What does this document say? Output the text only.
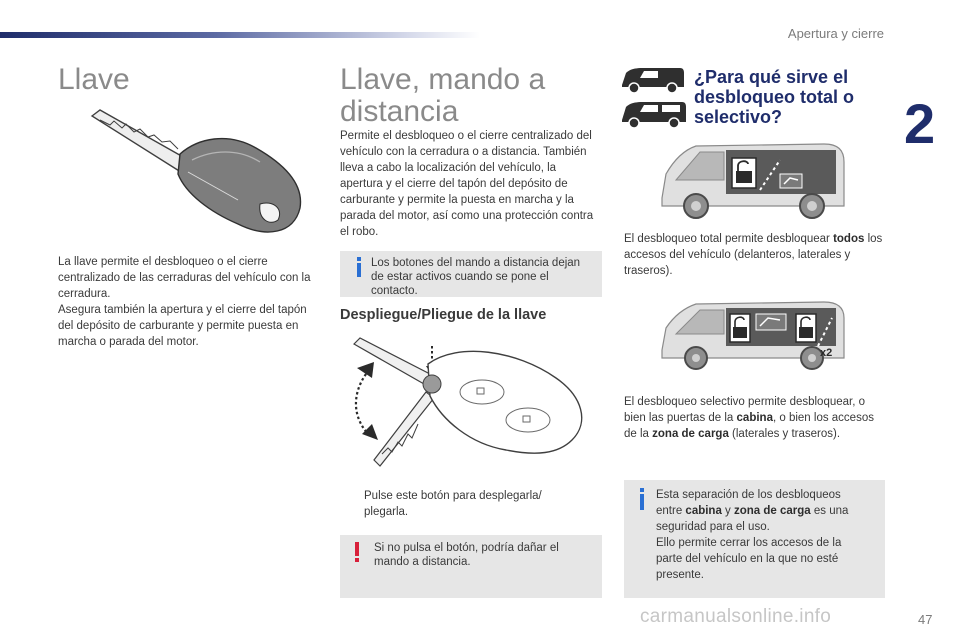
Apertura y cierre
2
Llave
La llave permite el desbloqueo o el cierre centralizado de las cerraduras del vehículo con la cerradura.
Asegura también la apertura y el cierre del tapón del depósito de carburante y permite puesta en marcha o parada del motor.
Llave, mando a
distancia
Permite el desbloqueo o el cierre centralizado del vehículo con la cerradura o a distancia. También lleva a cabo la localización del vehículo, la apertura y el cierre del tapón del depósito de carburante y permite la puesta en marcha y la parada del motor, así como una protección contra el robo.
Los botones del mando a distancia dejan de estar activos cuando se pone el contacto.
Despliegue/Pliegue de la llave
Pulse este botón para desplegarla/
plegarla.
Si no pulsa el botón, podría dañar el mando a distancia.
¿Para qué sirve el
desbloqueo total o
selectivo?
El desbloqueo total permite desbloquear todos los accesos del vehículo (delanteros, laterales y traseros).
x2
El desbloqueo selectivo permite desbloquear, o bien las puertas de la cabina, o bien los accesos de la zona de carga (laterales y traseros).
Esta separación de los desbloqueos entre cabina y zona de carga es una seguridad para el uso.
Ello permite cerrar los accesos de la parte del vehículo en la que no esté presente.
carmanualsonline.info	47
